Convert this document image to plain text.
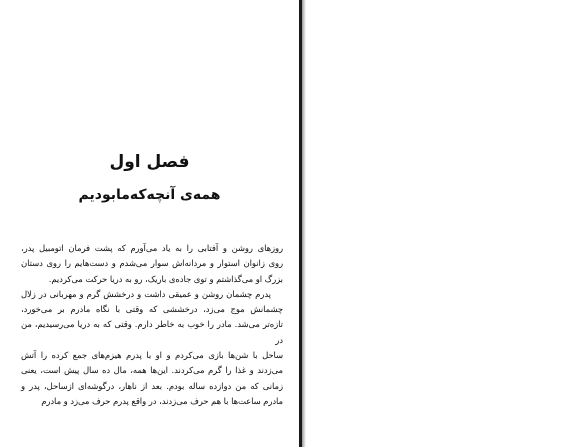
فصل اول
همه‌ی آنچه‌که‌مابودیم

روزهای روشن و آفتابی را به یاد می‌آورم که پشت فرمان اتومبیل پدر،

روی زانوان استوار و مردانه‌اش سوار می‌شدم و دست‌هایم را روی دستان

بزرگ او می‌گذاشتم و توی جاده‌ی باریک، رو به دریا حرکت می‌کردیم.

پدرم چشمان روشن و عمیقی داشت و درخشش گرم و مهربانی در زلال

چشمانش موج می‌زد، درخششی که وقتی با نگاه مادرم بر می‌خورد،

تازه‌تر می‌شد. مادر را خوب به خاطر دارم. وقتی که به دریا می‌رسیدیم، من در

ساحل با شن‌ها بازی می‌کردم و او با پدرم هیزم‌های جمع کرده را آتش

می‌زدند و غذا را گرم می‌کردند. این‌ها همه، مال ده سال پیش است، یعنی

زمانی که من دوازده ساله بودم. بعد از ناهار، درگوشه‌ای ازساحل، پدر و

مادرم ساعت‌ها با هم حرف می‌زدند، در واقع پدرم حرف می‌زد و مادرم
